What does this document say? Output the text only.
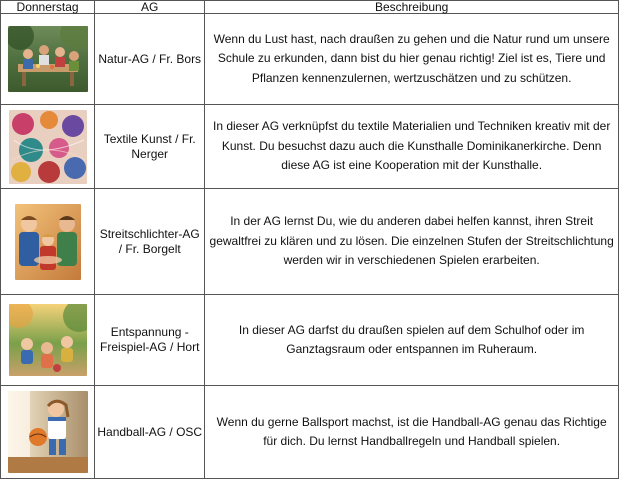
Donnerstag	AG	Beschreibung

	Natur-AG / Fr. Bors	Wenn du Lust hast, nach draußen zu gehen und die Natur rund um unsere Schule zu erkunden, dann bist du hier genau richtig! Ziel ist es, Tiere und Pflanzen kennenzulernen, wertzuschätzen und zu schützen.

	Textile Kunst / Fr. Nerger	In dieser AG verknüpfst du textile Materialien und Techniken kreativ mit der Kunst. Du besuchst dazu auch die Kunsthalle Dominikanerkirche. Denn diese AG ist eine Kooperation mit der Kunsthalle.

	Streitschlichter-AG / Fr. Borgelt	In der AG lernst Du, wie du anderen dabei helfen kannst, ihren Streit gewaltfrei zu klären und zu lösen. Die einzelnen Stufen der Streitschlichtung werden wir in verschiedenen Spielen erarbeiten.

	Entspannung - Freispiel-AG / Hort	In dieser AG darfst du draußen spielen auf dem Schulhof oder im Ganztagsraum oder entspannen im Ruheraum.

	Handball-AG / OSC	Wenn du gerne Ballsport machst, ist die Handball-AG genau das Richtige für dich. Du lernst Handballregeln und Handball spielen.
